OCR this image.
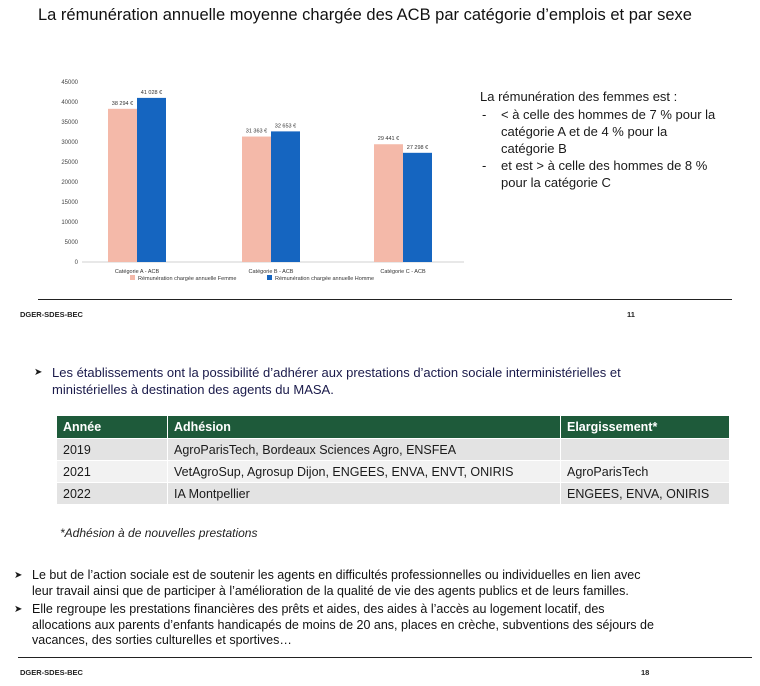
La rémunération annuelle moyenne chargée des ACB par catégorie d’emplois et par sexe
0
5000
10000
15000
20000
25000
30000
35000
40000
45000
38 294 €
41 028 €
31 363 €
32 653 €
29 441 €
27 298 €
Catégorie A - ACB	Catégorie B - ACB	Catégorie C - ACB
Rémunération chargée annuelle Femme	Rémunération chargée annuelle Homme
La rémunération des femmes est :
- < à celle des hommes de 7 % pour la
catégorie A et de 4 % pour la
catégorie B
- et est > à celle des hommes de 8 %
pour la catégorie C
DGER-SDES-BEC	11
➤ Les établissements ont la possibilité d’adhérer aux prestations d’action sociale interministérielles et
ministérielles à destination des agents du MASA.
Année	Adhésion	Elargissement*
2019	AgroParisTech, Bordeaux Sciences Agro, ENSFEA	
2021	VetAgroSup, Agrosup Dijon, ENGEES, ENVA, ENVT, ONIRIS	AgroParisTech
2022	IA Montpellier	ENGEES, ENVA, ONIRIS
*Adhésion à de nouvelles prestations
➤ Le but de l’action sociale est de soutenir les agents en difficultés professionnelles ou individuelles en lien avec
leur travail ainsi que de participer à l’amélioration de la qualité de vie des agents publics et de leurs familles.
➤ Elle regroupe les prestations financières des prêts et aides, des aides à l’accès au logement locatif, des
allocations aux parents d’enfants handicapés de moins de 20 ans, places en crèche, subventions des séjours de
vacances, des sorties culturelles et sportives…
DGER-SDES-BEC	18
